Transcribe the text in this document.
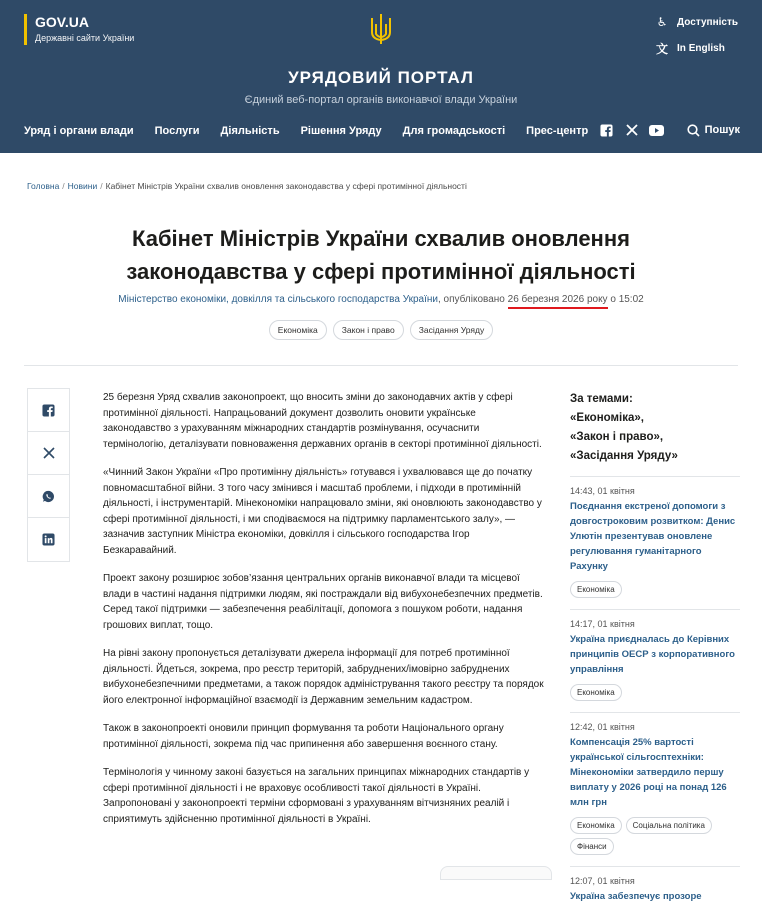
GOV.UA
Державні сайти України
♿ Доступність
文 In English
УРЯДОВИЙ ПОРТАЛ
Єдиний веб-портал органів виконавчої влади України
Уряд і органи влади Послуги Діяльність Рішення Уряду Для громадськості Прес-центр	Пошук
Головна / Новини / Кабінет Міністрів України схвалив оновлення законодавства у сфері протимінної діяльності
Кабінет Міністрів України схвалив оновлення законодавства у сфері протимінної діяльності
Міністерство економіки, довкілля та сільського господарства України, опубліковано 26 березня 2026 року о 15:02
Економіка	Закон і право	Засідання Уряду

25 березня Уряд схвалив законопроект, що вносить зміни до законодавчих актів у сфері протимінної діяльності. Напрацьований документ дозволить оновити українське законодавство з урахуванням міжнародних стандартів розмінування, осучаснити термінологію, деталізувати повноваження державних органів в секторі протимінної діяльності.

«Чинний Закон України «Про протимінну діяльність» готувався і ухвалювався ще до початку повномасштабної війни. З того часу змінився і масштаб проблеми, і підходи в протимінній діяльності, і інструментарій. Мінекономіки напрацювало зміни, які оновлюють законодавство у сфері протимінної діяльності, і ми сподіваємося на підтримку парламентського залу», — зазначив заступник Міністра економіки, довкілля і сільського господарства Ігор Безкаравайний.

Проект закону розширює зобов’язання центральних органів виконавчої влади та місцевої влади в частині надання підтримки людям, які постраждали від вибухонебезпечних предметів. Серед такої підтримки — забезпечення реабілітації, допомога з пошуком роботи, надання грошових виплат, тощо.

На рівні закону пропонується деталізувати джерела інформації для потреб протимінної діяльності. Йдеться, зокрема, про реєстр територій, забруднених/імовірно забруднених вибухонебезпечними предметами, а також порядок адміністрування такого реєстру та порядок його електронної інформаційної взаємодії із Державним земельним кадастром.

Також в законопроекті оновили принцип формування та роботи Національного органу протимінної діяльності, зокрема під час припинення або завершення воєнного стану.

Термінологія у чинному законі базується на загальних принципах міжнародних стандартів у сфері протимінної діяльності і не враховує особливості такої діяльності в Україні. Запропоновані у законопроекті терміни сформовані з урахуванням вітчизняних реалій і сприятимуть здійсненню протимінної діяльності в Україні.

За темами:
«Економіка»,
«Закон і право»,
«Засідання Уряду»
14:43, 01 квітня
Поєднання екстреної допомоги з довгостроковим розвитком: Денис Улютін презентував оновлене регулювання гуманітарного Рахунку
Економіка
14:17, 01 квітня
Україна приєдналась до Керівних принципів ОЕСР з корпоративного управління
Економіка
12:42, 01 квітня
Компенсація 25% вартості української сільгосптехніки: Мінекономіки затвердило першу виплату у 2026 році на понад 126 млн грн
Економіка	Соціальна політика
Фінанси
12:07, 01 квітня
Україна забезпечує прозоре
